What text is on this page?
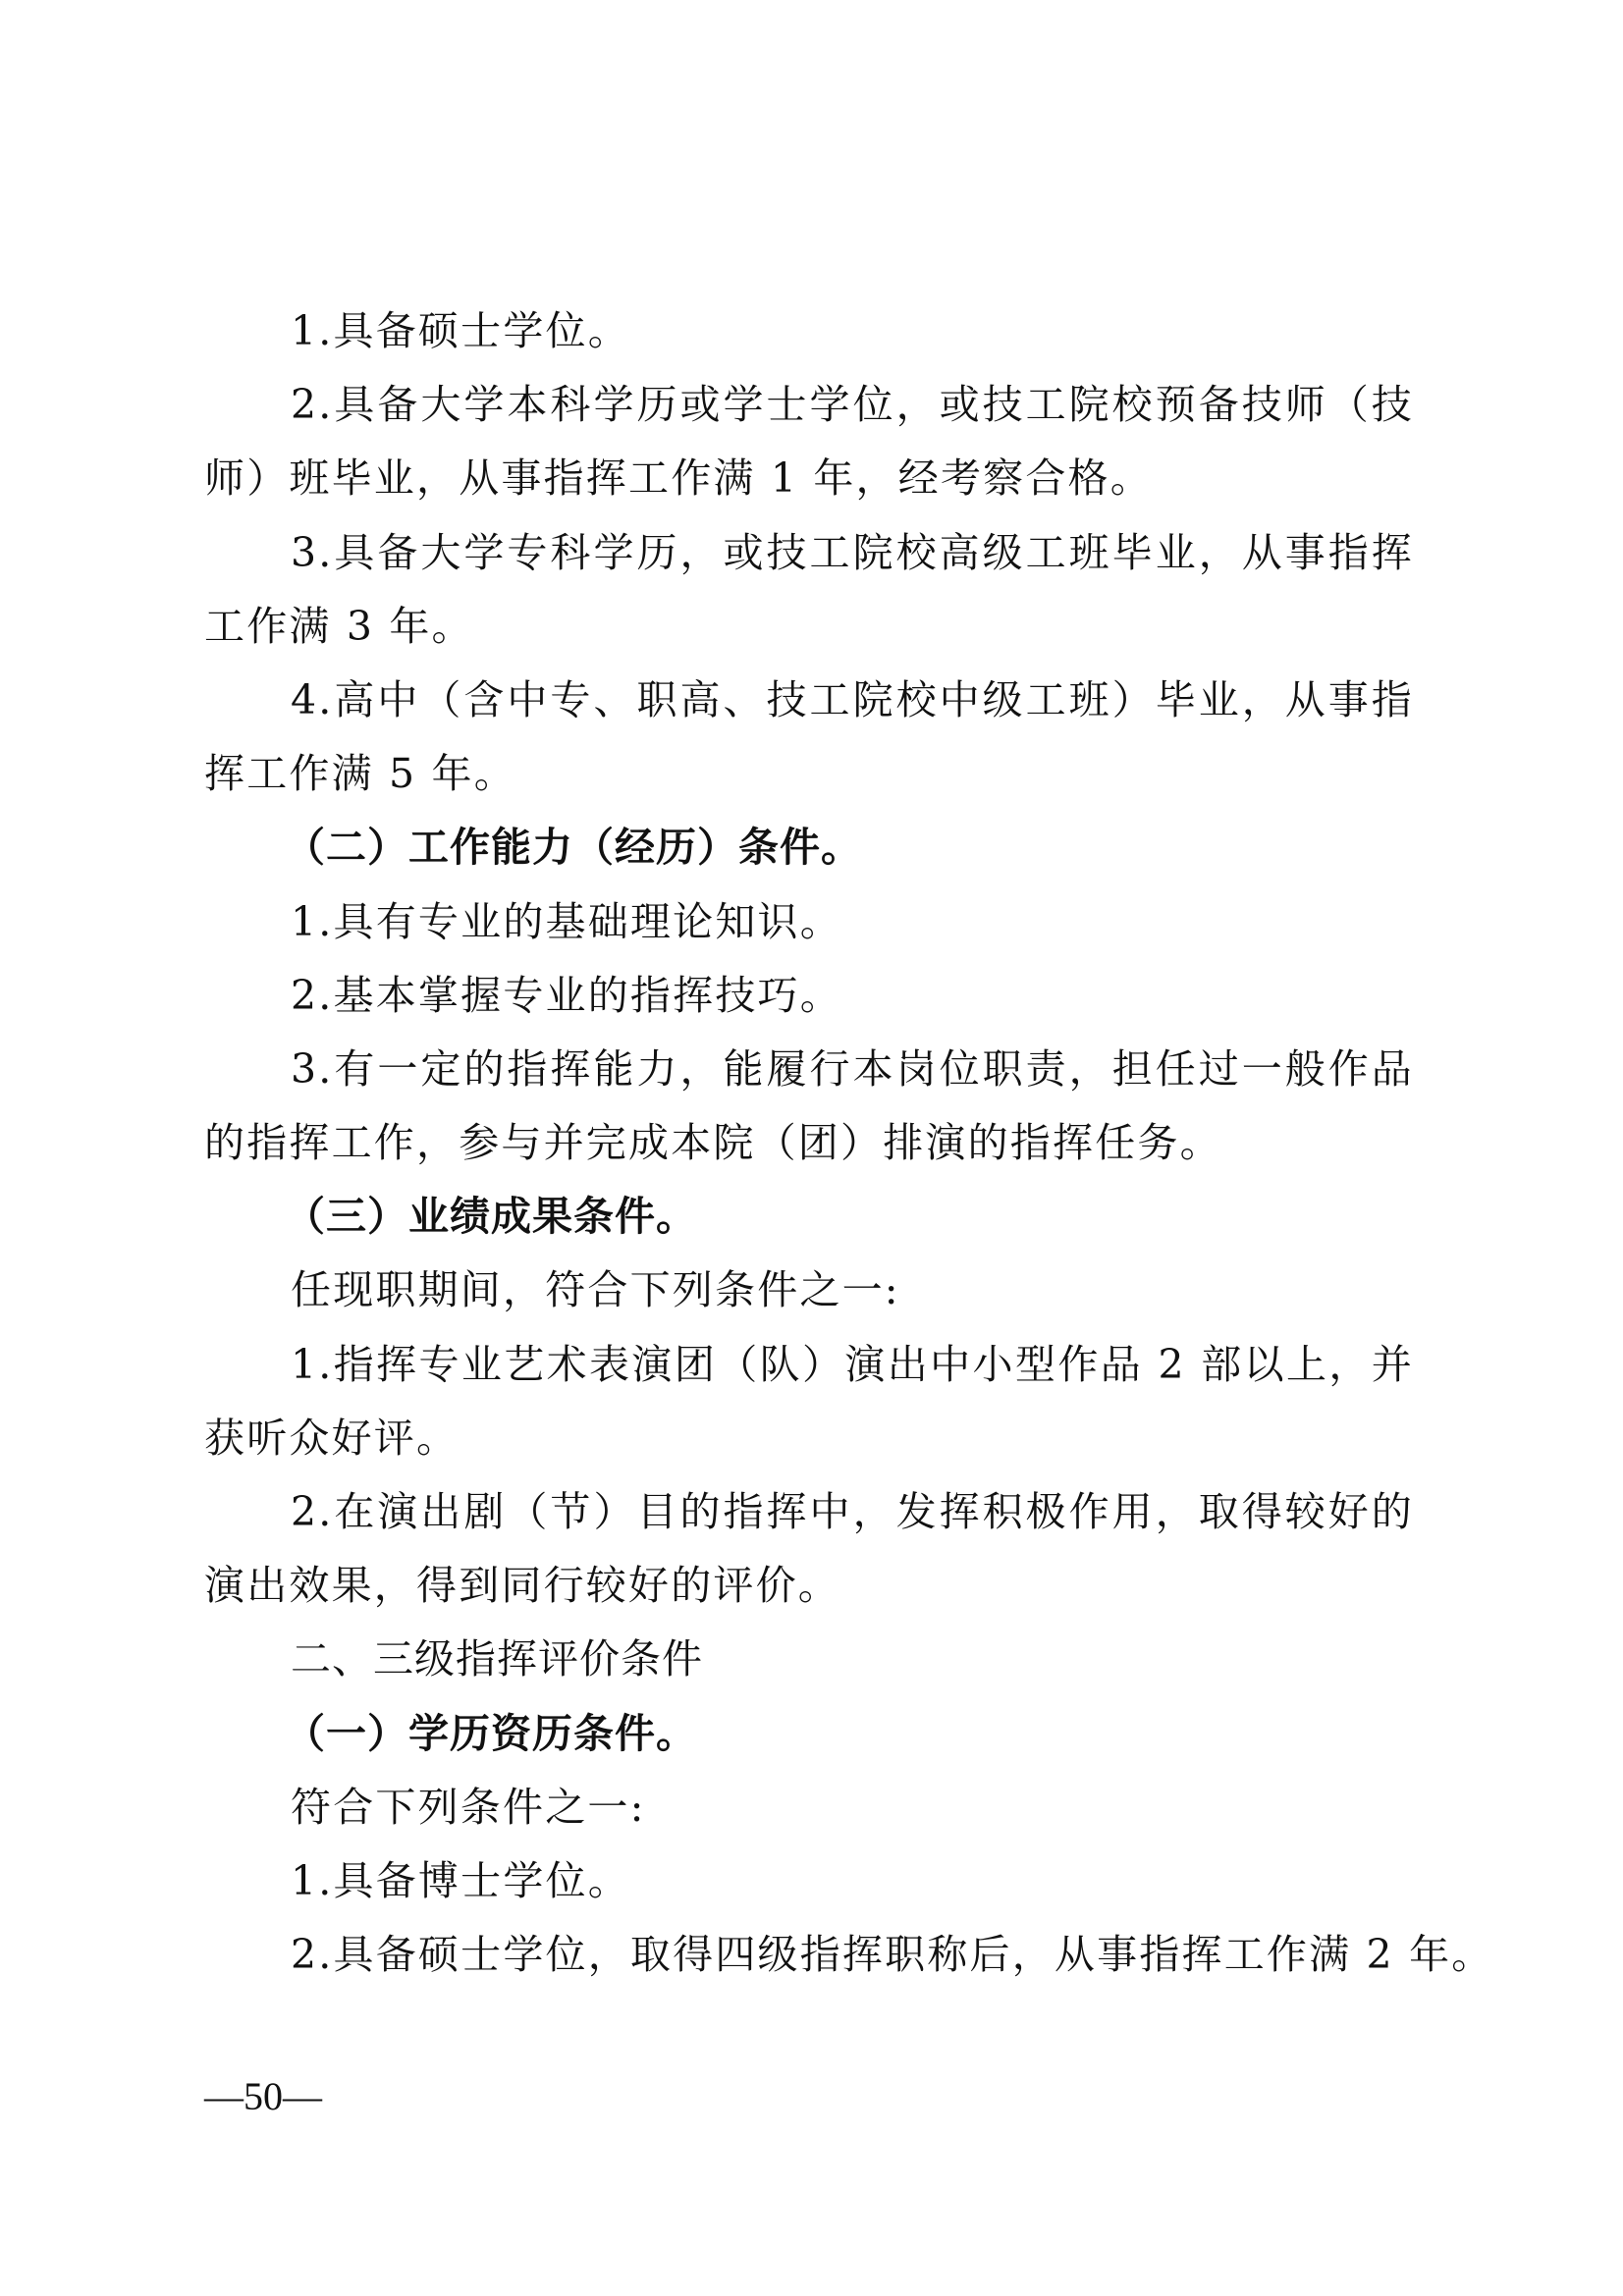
1.具备硕士学位。
2.具备大学本科学历或学士学位，或技工院校预备技师（技
师）班毕业，从事指挥工作满 1 年，经考察合格。
3.具备大学专科学历，或技工院校高级工班毕业，从事指挥
工作满 3 年。
4.高中（含中专、职高、技工院校中级工班）毕业，从事指
挥工作满 5 年。
（二）工作能力（经历）条件。
1.具有专业的基础理论知识。
2.基本掌握专业的指挥技巧。
3.有一定的指挥能力，能履行本岗位职责，担任过一般作品
的指挥工作，参与并完成本院（团）排演的指挥任务。
（三）业绩成果条件。
任现职期间，符合下列条件之一:
1.指挥专业艺术表演团（队）演出中小型作品 2 部以上，并
获听众好评。
2.在演出剧（节）目的指挥中，发挥积极作用，取得较好的
演出效果，得到同行较好的评价。
二、三级指挥评价条件
（一）学历资历条件。
符合下列条件之一:
1.具备博士学位。
2.具备硕士学位，取得四级指挥职称后，从事指挥工作满 2 年。
—50—
